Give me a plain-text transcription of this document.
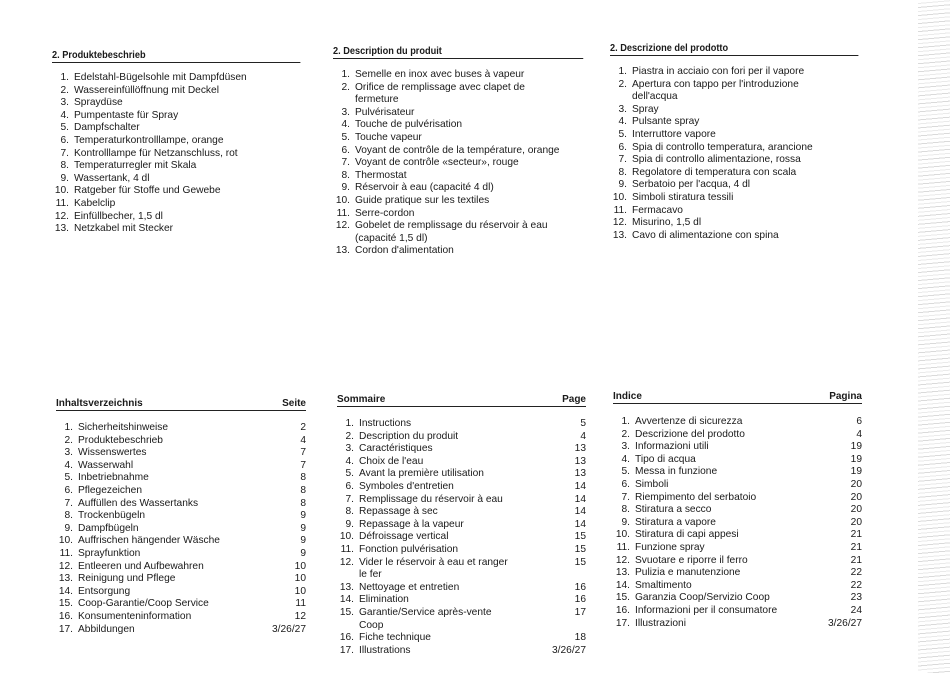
2. Produktebeschrieb
1. Edelstahl-Bügelsohle mit Dampfdüsen
2. Wassereinfüllöffnung mit Deckel
3. Spraydüse
4. Pumpentaste für Spray
5. Dampfschalter
6. Temperaturkontrolllampe, orange
7. Kontrolllampe für Netzanschluss, rot
8. Temperaturregler mit Skala
9. Wassertank, 4 dl
10. Ratgeber für Stoffe und Gewebe
11. Kabelclip
12. Einfüllbecher, 1,5 dl
13. Netzkabel mit Stecker
2. Description du produit
1. Semelle en inox avec buses à vapeur
2. Orifice de remplissage avec clapet de
fermeture
3. Pulvérisateur
4. Touche de pulvérisation
5. Touche vapeur
6. Voyant de contrôle de la température, orange
7. Voyant de contrôle «secteur», rouge
8. Thermostat
9. Réservoir à eau (capacité 4 dl)
10. Guide pratique sur les textiles
11. Serre-cordon
12. Gobelet de remplissage du réservoir à eau
(capacité 1,5 dl)
13. Cordon d'alimentation
2. Descrizione del prodotto
1. Piastra in acciaio con fori per il vapore
2. Apertura con tappo per l'introduzione
dell'acqua
3. Spray
4. Pulsante spray
5. Interruttore vapore
6. Spia di controllo temperatura, arancione
7. Spia di controllo alimentazione, rossa
8. Regolatore di temperatura con scala
9. Serbatoio per l'acqua, 4 dl
10. Simboli stiratura tessili
11. Fermacavo
12. Misurino, 1,5 dl
13. Cavo di alimentazione con spina
Inhaltsverzeichnis	Seite
1. Sicherheitshinweise	2
2. Produktebeschrieb	4
3. Wissenswertes	7
4. Wasserwahl	7
5. Inbetriebnahme	8
6. Pflegezeichen	8
7. Auffüllen des Wassertanks	8
8. Trockenbügeln	9
9. Dampfbügeln	9
10. Auffrischen hängender Wäsche	9
11. Sprayfunktion	9
12. Entleeren und Aufbewahren	10
13. Reinigung und Pflege	10
14. Entsorgung	10
15. Coop-Garantie/Coop Service	11
16. Konsumenteninformation	12
17. Abbildungen	3/26/27
Sommaire	Page
1. Instructions	5
2. Description du produit	4
3. Caractéristiques	13
4. Choix de l'eau	13
5. Avant la première utilisation	13
6. Symboles d'entretien	14
7. Remplissage du réservoir à eau	14
8. Repassage à sec	14
9. Repassage à la vapeur	14
10. Défroissage vertical	15
11. Fonction pulvérisation	15
12. Vider le réservoir à eau et ranger le fer
15
13. Nettoyage et entretien	16
14. Elimination	16
15. Garantie/Service après-vente Coop
17
16. Fiche technique	18
17. Illustrations	3/26/27
Indice	Pagina
1. Avvertenze di sicurezza	6
2. Descrizione del prodotto	4
3. Informazioni utili	19
4. Tipo di acqua	19
5. Messa in funzione	19
6. Simboli	20
7. Riempimento del serbatoio	20
8. Stiratura a secco	20
9. Stiratura a vapore	20
10. Stiratura di capi appesi	21
11. Funzione spray	21
12. Svuotare e riporre il ferro	21
13. Pulizia e manutenzione	22
14. Smaltimento	22
15. Garanzia Coop/Servizio Coop	23
16. Informazioni per il consumatore	24
17. Illustrazioni	3/26/27
